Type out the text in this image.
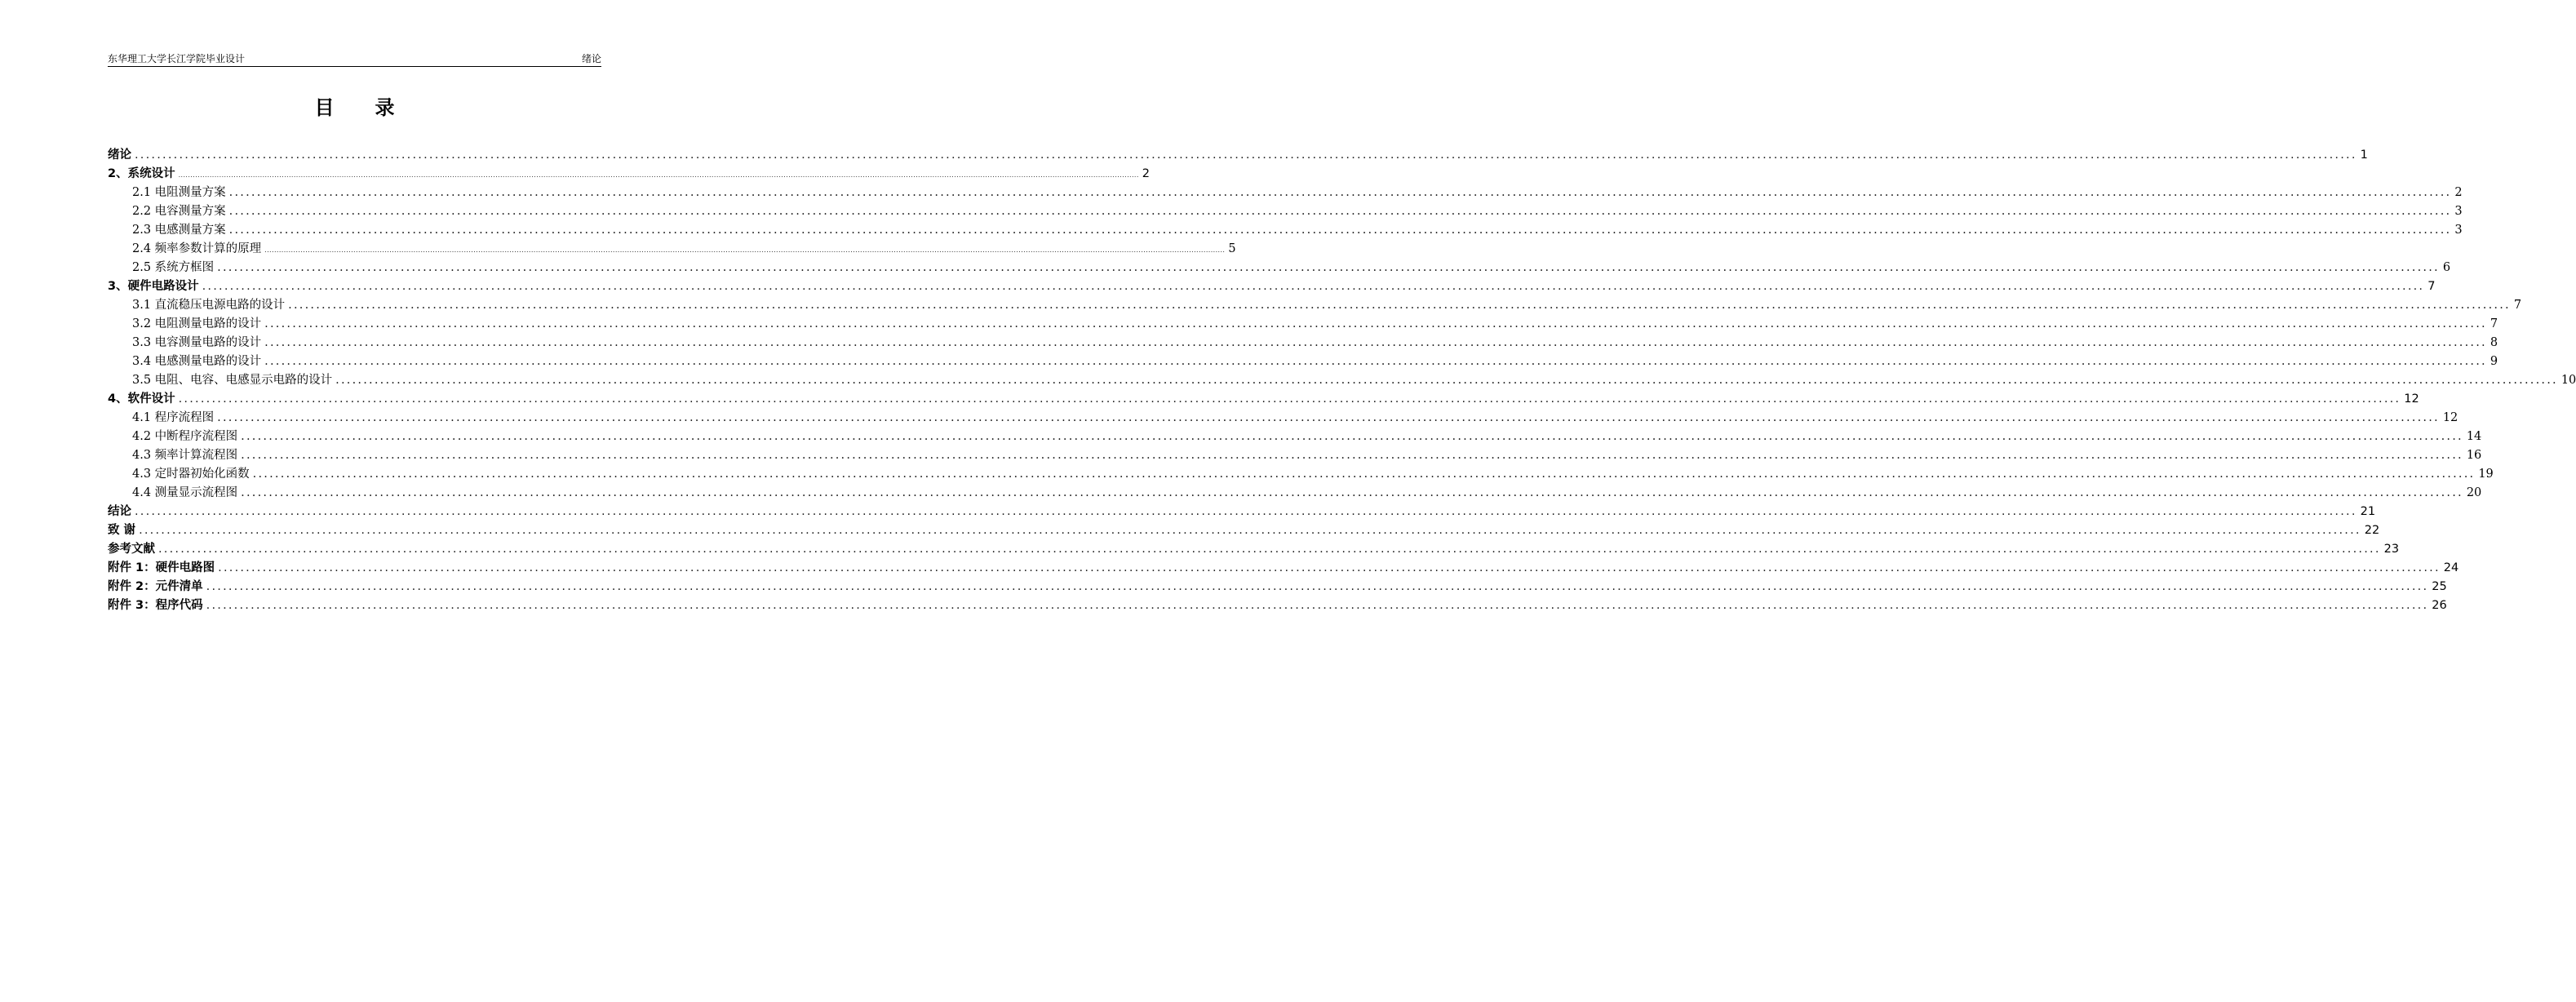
东华理工大学长江学院毕业设计	绪论
目录
绪论 ................................................................................................................................................................................................................................................................................................................................................................................................................ 1
2、系统设计 ................................................................................................................................................................................................................................................................................................................................................................................................................ 2
2.1 电阻测量方案 ................................................................................................................................................................................................................................................................................................................................................................................................................ 2
2.2 电容测量方案 ................................................................................................................................................................................................................................................................................................................................................................................................................ 3
2.3 电感测量方案 ................................................................................................................................................................................................................................................................................................................................................................................................................ 3
2.4 频率参数计算的原理 ................................................................................................................................................................................................................................................................................................................................................................................................................ 5
2.5 系统方框图 ................................................................................................................................................................................................................................................................................................................................................................................................................ 6
3、硬件电路设计 ................................................................................................................................................................................................................................................................................................................................................................................................................ 7
3.1 直流稳压电源电路的设计 ................................................................................................................................................................................................................................................................................................................................................................................................................ 7
3.2 电阻测量电路的设计 ................................................................................................................................................................................................................................................................................................................................................................................................................ 7
3.3 电容测量电路的设计 ................................................................................................................................................................................................................................................................................................................................................................................................................ 8
3.4 电感测量电路的设计 ................................................................................................................................................................................................................................................................................................................................................................................................................ 9
3.5 电阻、电容、电感显示电路的设计 ................................................................................................................................................................................................................................................................................................................................................................................................................ 10
4、软件设计 ................................................................................................................................................................................................................................................................................................................................................................................................................ 12
4.1 程序流程图 ................................................................................................................................................................................................................................................................................................................................................................................................................ 12
4.2 中断程序流程图 ................................................................................................................................................................................................................................................................................................................................................................................................................ 14
4.3 频率计算流程图 ................................................................................................................................................................................................................................................................................................................................................................................................................ 16
4.3 定时器初始化函数 ................................................................................................................................................................................................................................................................................................................................................................................................................ 19
4.4 测量显示流程图 ................................................................................................................................................................................................................................................................................................................................................................................................................ 20
结论 ................................................................................................................................................................................................................................................................................................................................................................................................................ 21
致 谢 ................................................................................................................................................................................................................................................................................................................................................................................................................ 22
参考文献 ................................................................................................................................................................................................................................................................................................................................................................................................................ 23
附件 1：硬件电路图 ................................................................................................................................................................................................................................................................................................................................................................................................................ 24
附件 2：元件清单 ................................................................................................................................................................................................................................................................................................................................................................................................................ 25
附件 3：程序代码 ................................................................................................................................................................................................................................................................................................................................................................................................................ 26
